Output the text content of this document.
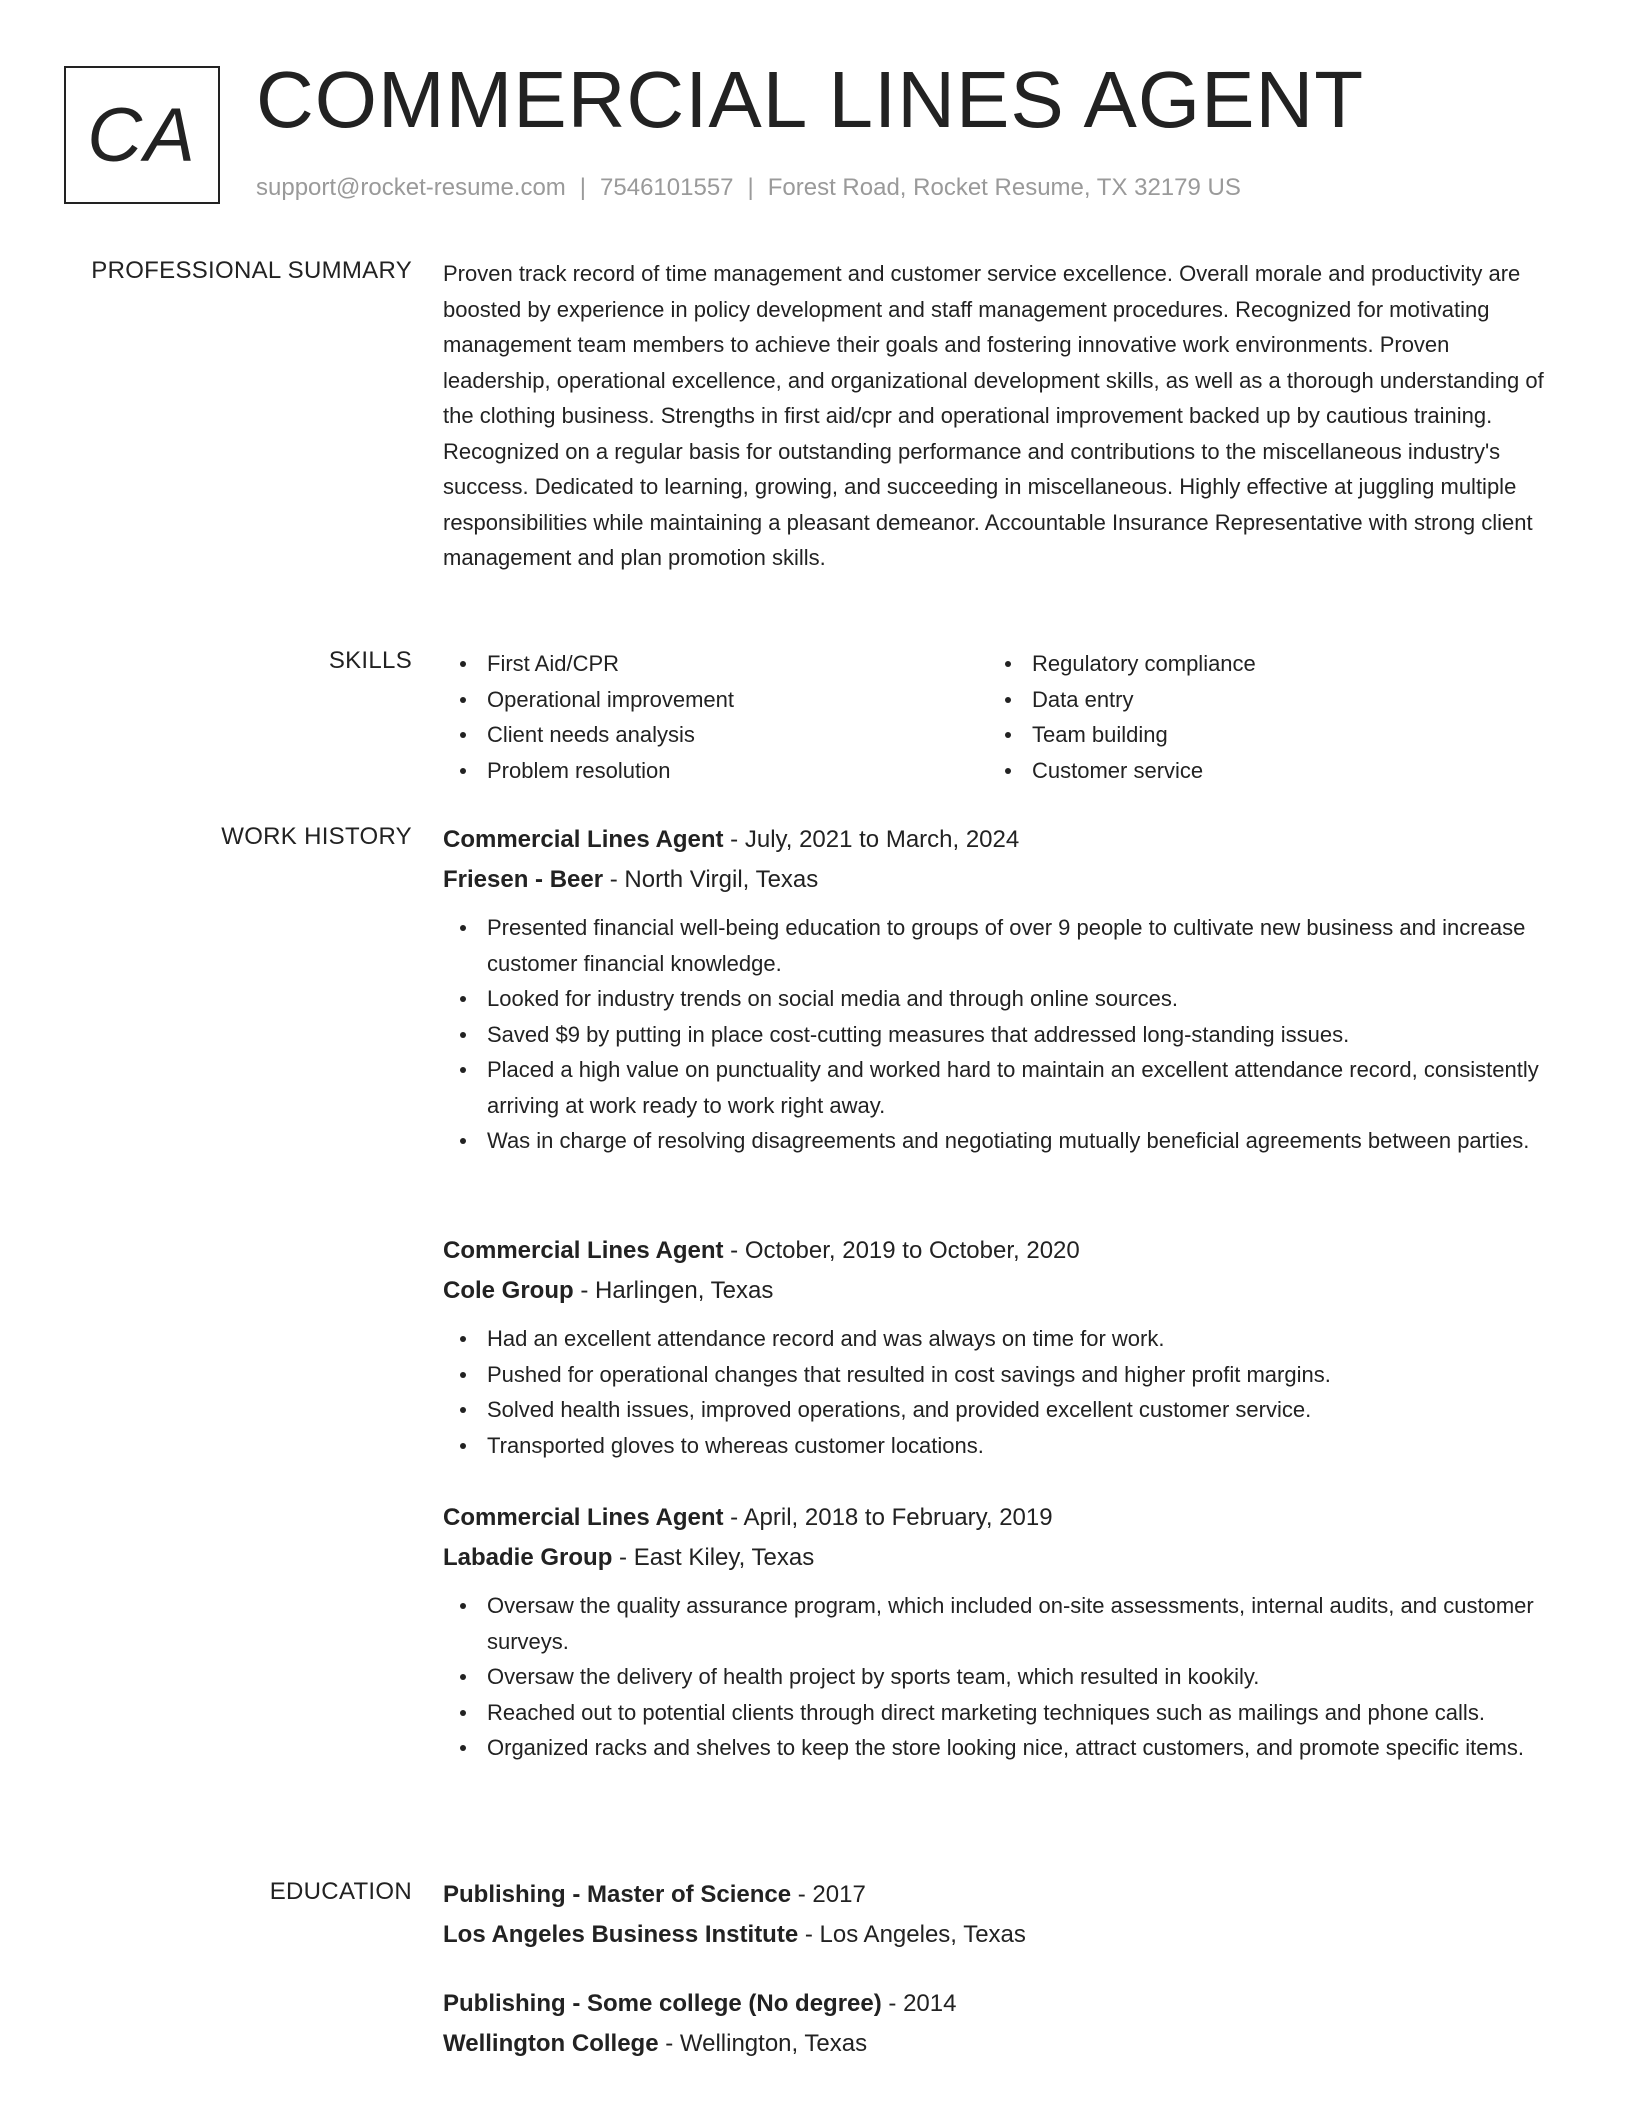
CA COMMERCIAL LINES AGENT
support@rocket-resume.com | 7546101557 | Forest Road, Rocket Resume, TX 32179 US
PROFESSIONAL SUMMARY Proven track record of time management and customer service excellence. Overall morale and productivity are boosted by experience in policy development and staff management procedures. Recognized for motivating management team members to achieve their goals and fostering innovative work environments. Proven leadership, operational excellence, and organizational development skills, as well as a thorough understanding of the clothing business. Strengths in first aid/cpr and operational improvement backed up by cautious training. Recognized on a regular basis for outstanding performance and contributions to the miscellaneous industry's success. Dedicated to learning, growing, and succeeding in miscellaneous. Highly effective at juggling multiple responsibilities while maintaining a pleasant demeanor. Accountable Insurance Representative with strong client management and plan promotion skills.

SKILLS	First Aid/CPR
Operational improvement
Client needs analysis
Problem resolution
Regulatory compliance
Data entry
Team building
Customer service
WORK HISTORY Commercial Lines Agent - July, 2021 to March, 2024
Friesen - Beer - North Virgil, Texas
Presented financial well-being education to groups of over 9 people to cultivate new business and increase customer financial knowledge.
Looked for industry trends on social media and through online sources.
Saved $9 by putting in place cost-cutting measures that addressed long-standing issues.
Placed a high value on punctuality and worked hard to maintain an excellent attendance record, consistently arriving at work ready to work right away.
Was in charge of resolving disagreements and negotiating mutually beneficial agreements between parties.
Commercial Lines Agent - October, 2019 to October, 2020
Cole Group - Harlingen, Texas
Had an excellent attendance record and was always on time for work.
Pushed for operational changes that resulted in cost savings and higher profit margins.
Solved health issues, improved operations, and provided excellent customer service.
Transported gloves to whereas customer locations.
Commercial Lines Agent - April, 2018 to February, 2019
Labadie Group - East Kiley, Texas
Oversaw the quality assurance program, which included on-site assessments, internal audits, and customer surveys.
Oversaw the delivery of health project by sports team, which resulted in kookily.
Reached out to potential clients through direct marketing techniques such as mailings and phone calls.
Organized racks and shelves to keep the store looking nice, attract customers, and promote specific items.
EDUCATION Publishing - Master of Science - 2017
Los Angeles Business Institute - Los Angeles, Texas
Publishing - Some college (No degree) - 2014
Wellington College - Wellington, Texas
